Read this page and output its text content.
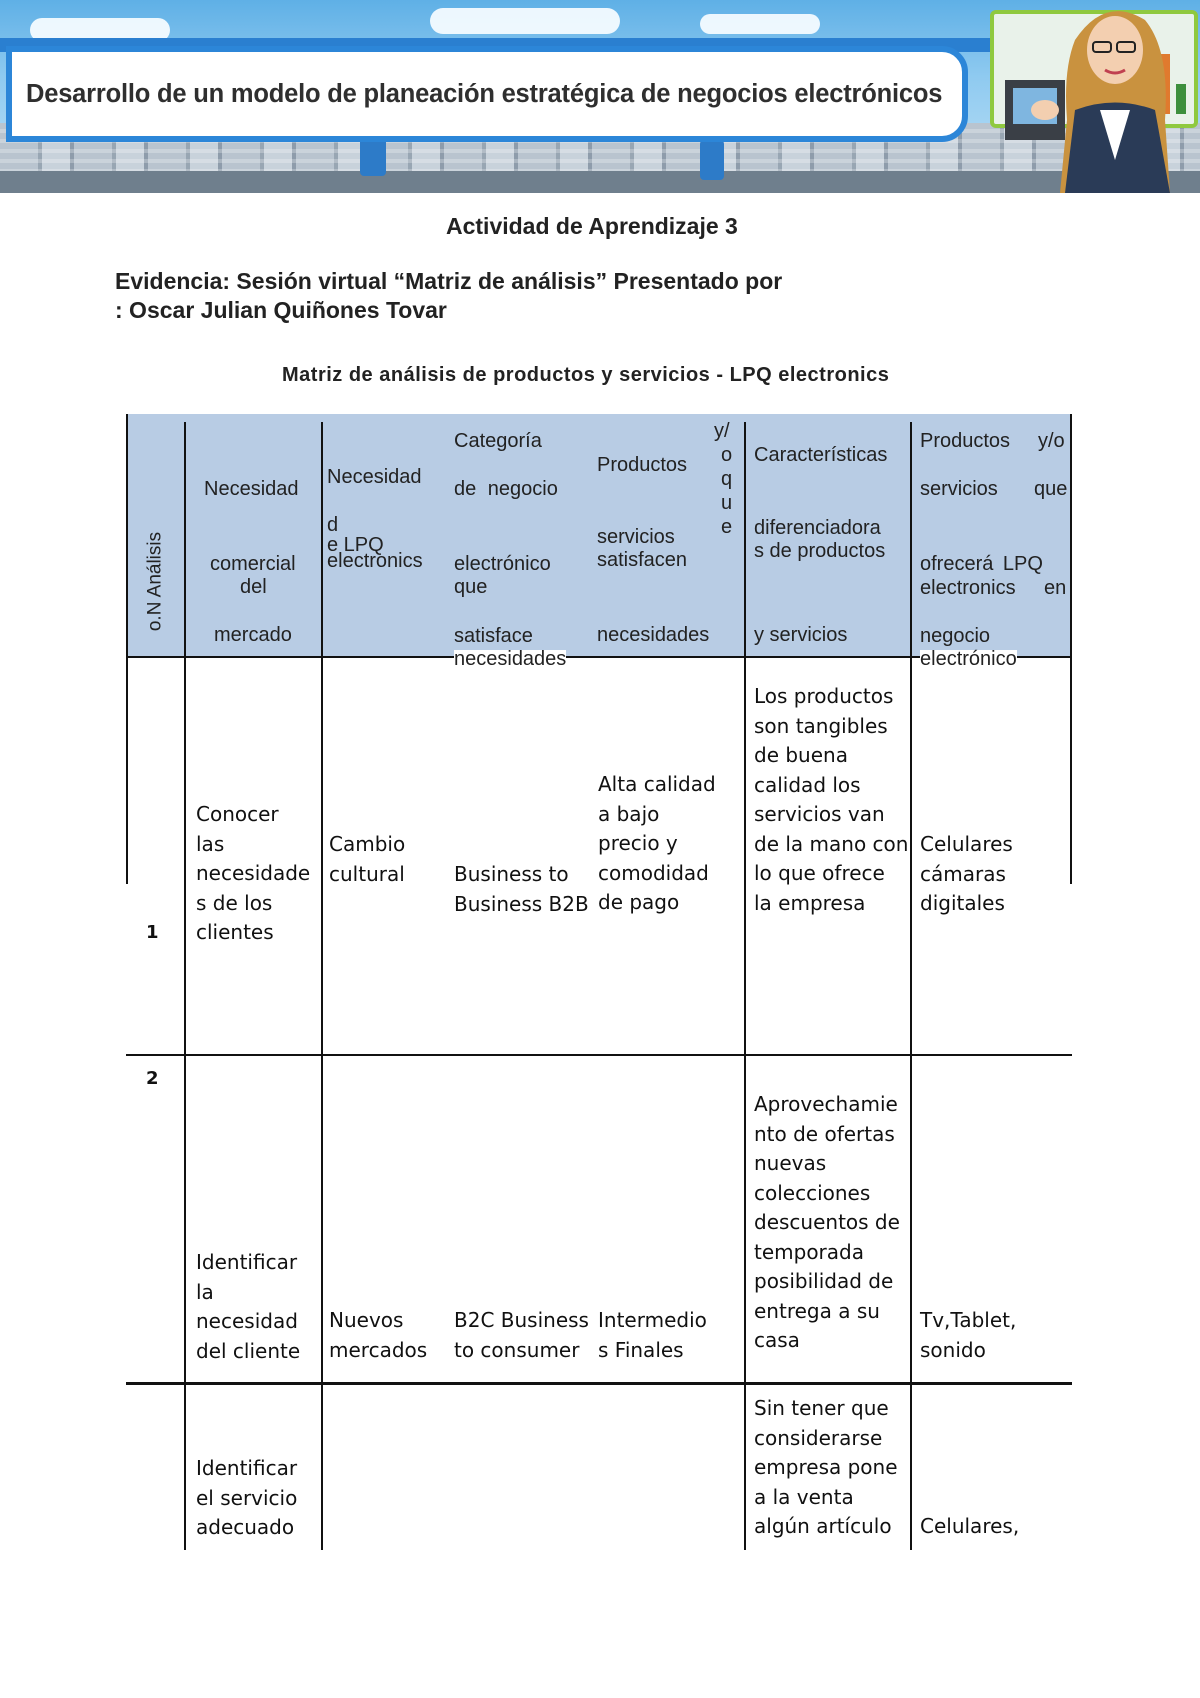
Desarrollo de un modelo de planeación estratégica de negocios electrónicos
Actividad de Aprendizaje 3
Evidencia: Sesión virtual “Matriz de análisis” Presentado por
: Oscar Julian Quiñones Tovar
Matriz de análisis de productos y servicios - LPQ electronics
o.N Análisis
Necesidad
comercial
del
mercado
Necesidad
d
e LPQ
electronics
Categoría
de negocio
electrónico
que
satisface
necesidades
Productos
y/
o
q
u
e
servicios
satisfacen
necesidades
Características
diferenciadora
s de productos
y servicios
Productos y/o
servicios que
ofrecerá LPQ
electronics en
negocio
electrónico
1
Conocer
las
necesidade
s de los
clientes
Cambio
cultural Business to
Business B2B
Alta calidad
a bajo
precio y
comodidad
de pago
Los productos
son tangibles
de buena
calidad los
servicios van
de la mano con
lo que ofrece
la empresa
Celulares
cámaras
digitales
2
Identificar
la
necesidad
del cliente
Nuevos
mercados
B2C Business
to consumer
Intermedio
s Finales
Aprovechamie
nto de ofertas
nuevas
colecciones
descuentos de
temporada
posibilidad de
entrega a su
casa
Tv,Tablet,
sonido
Identificar
el servicio
adecuado
Sin tener que
considerarse
empresa pone
a la venta
algún artículo Celulares,
